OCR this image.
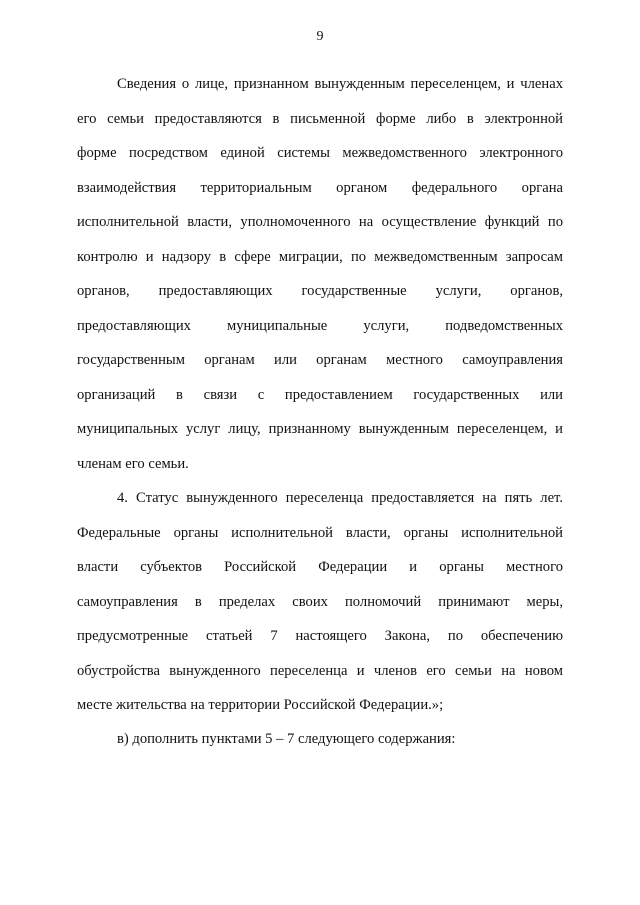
9

Сведения о лице, признанном вынужденным переселенцем, и членах
его семьи предоставляются в письменной форме либо в электронной
форме посредством единой системы межведомственного электронного
взаимодействия территориальным органом федерального органа
исполнительной власти, уполномоченного на осуществление функций по
контролю и надзору в сфере миграции, по межведомственным запросам
органов, предоставляющих государственные услуги, органов,
предоставляющих муниципальные услуги, подведомственных
государственным органам или органам местного самоуправления
организаций в связи с предоставлением государственных или
муниципальных услуг лицу, признанному вынужденным переселенцем, и
членам его семьи.

4. Статус вынужденного переселенца предоставляется на пять лет.
Федеральные органы исполнительной власти, органы исполнительной
власти субъектов Российской Федерации и органы местного
самоуправления в пределах своих полномочий принимают меры,
предусмотренные статьей 7 настоящего Закона, по обеспечению
обустройства вынужденного переселенца и членов его семьи на новом
месте жительства на территории Российской Федерации.»;

в) дополнить пунктами 5 – 7 следующего содержания:
